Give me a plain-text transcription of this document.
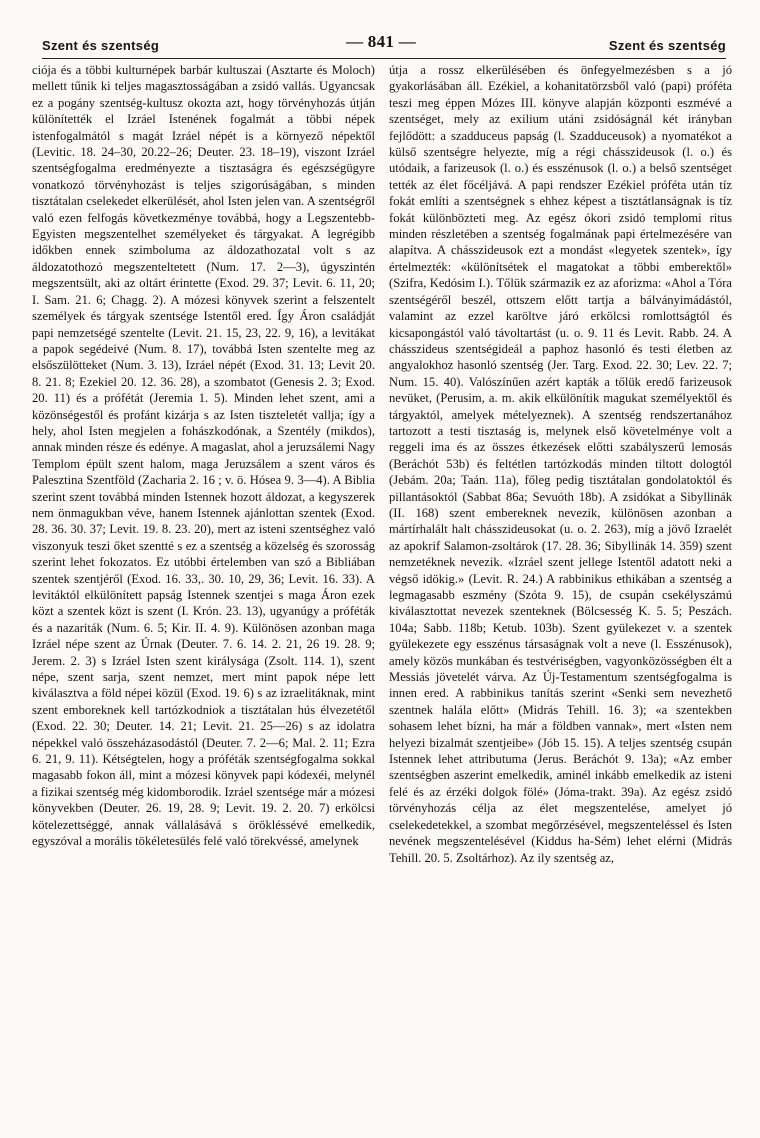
Szent és szentség	— 841 —	Szent és szentség

ciója és a többi kulturnépek barbár kultuszai (Asztarte és Moloch) mellett tűnik ki teljes magasztosságában a zsidó vallás. Ugyancsak ez a pogány szentség-kultusz okozta azt, hogy törvényhozás útján különítették el Izráel Istenének fogalmát a többi népek istenfogalmától s magát Izráel népét is a környező népektől (Levitic. 18. 24–30, 20.22–26; Deuter. 23. 18–19), viszont Izráel szentségfogalma eredményezte a tisztaságra és egészségügyre vonatkozó törvényhozást is teljes szigorúságában, s minden tisztátalan cselekedet elkerülését, ahol Isten jelen van. A szentségről való ezen felfogás következménye továbbá, hogy a Legszentebb-Egyisten megszentelhet személyeket és tárgyakat. A legrégibb időkben ennek szimboluma az áldozathozatal volt s az áldozatothozó megszenteltetett (Num. 17. 2—3), úgyszintén megszentsült, aki az oltárt érintette (Exod. 29. 37; Levit. 6. 11, 20; I. Sam. 21. 6; Chagg. 2). A mózesi könyvek szerint a felszentelt személyek és tárgyak szentsége Istentől ered. Így Áron családját papi nemzetségé szentelte (Levit. 21. 15, 23, 22. 9, 16), a levitákat a papok segédeivé (Num. 8. 17), továbbá Isten szentelte meg az elsőszülötteket (Num. 3. 13), Izráel népét (Exod. 31. 13; Levit 20. 8. 21. 8; Ezekiel 20. 12. 36. 28), a szombatot (Genesis 2. 3; Exod. 20. 11) és a prófétát (Jeremia 1. 5). Minden lehet szent, ami a közönségestől és profánt kizárja s az Isten tiszteletét vallja; így a hely, ahol Isten megjelen a fohászkodónak, a Szentély (mikdos), annak minden része és edénye. A magaslat, ahol a jeruzsálemi Nagy Templom épült szent halom, maga Jeruzsálem a szent város és Palesztina Szentföld (Zacharia 2. 16 ; v. ö. Hósea 9. 3—4). A Biblia szerint szent továbbá minden Istennek hozott áldozat, a kegyszerek nem önmagukban véve, hanem Istennek ajánlottan szentek (Exod. 28. 36. 30. 37; Levit. 19. 8. 23. 20), mert az isteni szentséghez való viszonyuk teszi őket szentté s ez a szentség a közelség és szorosság szerint lehet fokozatos. Ez utóbbi értelemben van szó a Bibliában szentek szentjéről (Exod. 16. 33,. 30. 10, 29, 36; Levit. 16. 33). A levitáktól elkülönített papság Istennek szentjei s maga Áron ezek közt a szentek közt is szent (I. Krón. 23. 13), ugyanúgy a próféták és a nazariták (Num. 6. 5; Kir. II. 4. 9). Különösen azonban maga Izráel népe szent az Úrnak (Deuter. 7. 6. 14. 2. 21, 26 19. 28. 9; Jerem. 2. 3) s Izráel Isten szent királysága (Zsolt. 114. 1), szent népe, szent sarja, szent nemzet, mert mint papok népe lett kiválasztva a föld népei közül (Exod. 19. 6) s az izraelitáknak, mint szent emboreknek kell tartózkodniok a tisztátalan hús élvezetétől (Exod. 22. 30; Deuter. 14. 21; Levit. 21. 25—26) s az idolatra népekkel való összeházasodástól (Deuter. 7. 2—6; Mal. 2. 11; Ezra 6. 21, 9. 11). Kétségtelen, hogy a próféták szentségfogalma sokkal magasabb fokon áll, mint a mózesi könyvek papi kódexéi, melynél a fizikai szentség még kidomborodik. Izráel szentsége már a mózesi könyvekben (Deuter. 26. 19, 28. 9; Levit. 19. 2. 20. 7) erkölcsi kötelezettséggé, annak vállalásává s örökléssévé emelkedik, egyszóval a morális tökéletesülés felé való törekvéssé, amelynek

útja a rossz elkerülésében és önfegyelmezésben s a jó gyakorlásában áll. Ezékiel, a kohanitatörzsből való (papi) próféta teszi meg éppen Mózes III. könyve alapján központi eszmévé a szentséget, mely az exilium utáni zsidóságnál két irányban fejlődött: a szadduceus papság (l. Szadduceusok) a nyomatékot a külső szentségre helyezte, míg a régi chásszideusok (l. o.) és utódaik, a farizeusok (l. o.) és esszénusok (l. o.) a belső szentséget tették az élet főcéljává. A papi rendszer Ezékiel próféta után tíz fokát említi a szentségnek s ehhez képest a tisztátlanságnak is tíz fokát különbözteti meg. Az egész ókori zsidó templomi ritus minden részletében a szentség fogalmának papi értelmezésére van alapítva. A chásszideusok ezt a mondást «legyetek szentek», így értelmezték: «különítsétek el magatokat a többi emberektől» (Szifra, Kedósim I.). Tőlük származik ez az aforizma: «Ahol a Tóra szentségéről beszél, ottszem előtt tartja a bálványimádástól, valamint az ezzel karöltve járó erkölcsi romlottságtól és kicsapongástól való távoltartást (u. o. 9. 11 és Levit. Rabb. 24. A chásszideus szentségideál a paphoz hasonló és testi életben az angyalokhoz hasonló szentség (Jer. Targ. Exod. 22. 30; Lev. 22. 7; Num. 15. 40). Valószínűen azért kapták a tőlük eredő farizeusok nevüket, (Perusim, a. m. akik elkülönítik magukat személyektől és tárgyaktól, amelyek mételyeznek). A szentség rendszertanához tartozott a testi tisztaság is, melynek első követelménye volt a reggeli ima és az összes étkezések előtti szabályszerű lemosás (Beráchót 53b) és feltétlen tartózkodás minden tiltott dologtól (Jebám. 20a; Taán. 11a), főleg pedig tisztátalan gondolatoktól és pillantásoktól (Sabbat 86a; Sevuóth 18b). A zsidókat a Sibyllinák (II. 168) szent embereknek nevezik, különösen azonban a mártírhalált halt chásszideusokat (u. o. 2. 263), míg a jövő Izraelét az apokrif Salamon-zsoltárok (17. 28. 36; Sibyllinák 14. 359) szent nemzetéknek nevezik. «Izráel szent jellege Istentől adatott neki a végső idökig.» (Levit. R. 24.) A rabbinikus ethikában a szentség a legmagasabb eszmény (Szóta 9. 15), de csupán csekélyszámú kiválasztottat nevezek szenteknek (Bölcsesség K. 5. 5; Peszách. 104a; Sabb. 118b; Ketub. 103b). Szent gyülekezet v. a szentek gyülekezete egy esszénus társaságnak volt a neve (l. Esszénusok), amely közös munkában és testvériségben, vagyonközösségben élt a Messiás jövetelét várva. Az Új-Testamentum szentségfogalma is innen ered. A rabbinikus tanítás szerint «Senki sem nevezhető szentnek halála előtt» (Midrás Tehill. 16. 3); «a szentekben sohasem lehet bízni, ha már a földben vannak», mert «Isten nem helyezi bizalmát szentjeibe» (Jób 15. 15). A teljes szentség csupán Istennek lehet attributuma (Jerus. Beráchót 9. 13a); «Az ember szentségben aszerint emelkedik, aminél inkább emelkedik az isteni felé és az érzéki dolgok fölé» (Jóma-trakt. 39a). Az egész zsidó törvényhozás célja az élet megszentelése, amelyet jó cselekedetekkel, a szombat megőrzésével, megszenteléssel és Isten nevének megszentelésével (Kiddus ha-Sém) lehet elérni (Midrás Tehill. 20. 5. Zsoltárhoz). Az ily szentség az,
